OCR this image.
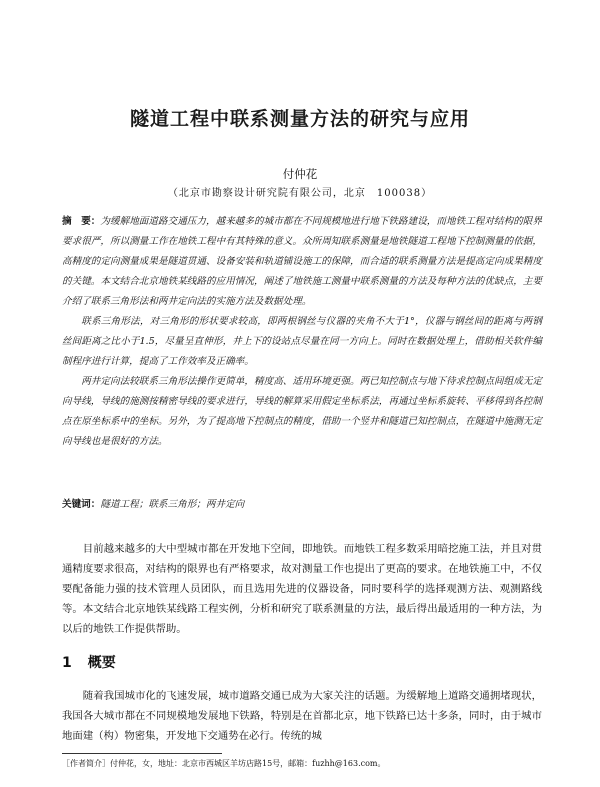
隧道工程中联系测量方法的研究与应用
付仲花
（北京市勘察设计研究院有限公司，北京　100038）

摘　要：为缓解地面道路交通压力，越来越多的城市都在不同规模地进行地下铁路建设，而地铁工程对结构的限界要求很严，所以测量工作在地铁工程中有其特殊的意义。众所周知联系测量是地铁隧道工程地下控制测量的依据，高精度的定向测量成果是隧道贯通、设备安装和轨道铺设施工的保障，而合适的联系测量方法是提高定向成果精度的关键。本文结合北京地铁某线路的应用情况，阐述了地铁施工测量中联系测量的方法及每种方法的优缺点，主要介绍了联系三角形法和两井定向法的实施方法及数据处理。

联系三角形法，对三角形的形状要求较高，即两根钢丝与仪器的夹角不大于1°，仪器与钢丝间的距离与两钢丝间距离之比小于1.5，尽量呈直伸形，井上下的设站点尽量在同一方向上。同时在数据处理上，借助相关软件编制程序进行计算，提高了工作效率及正确率。

两井定向法较联系三角形法操作更简单，精度高、适用环境更强。两已知控制点与地下待求控制点间组成无定向导线，导线的施测按精密导线的要求进行，导线的解算采用假定坐标系法，再通过坐标系旋转、平移得到各控制点在原坐标系中的坐标。另外，为了提高地下控制点的精度，借助一个竖井和隧道已知控制点，在隧道中施测无定向导线也是很好的方法。

关键词：隧道工程；联系三角形；两井定向

目前越来越多的大中型城市都在开发地下空间，即地铁。而地铁工程多数采用暗挖施工法，并且对贯通精度要求很高，对结构的限界也有严格要求，故对测量工作也提出了更高的要求。在地铁施工中，不仅要配备能力强的技术管理人员团队，而且选用先进的仪器设备，同时要科学的选择观测方法、观测路线等。本文结合北京地铁某线路工程实例，分析和研究了联系测量的方法，最后得出最适用的一种方法，为以后的地铁工作提供帮助。

1 概要

随着我国城市化的飞速发展，城市道路交通已成为大家关注的话题。为缓解地上道路交通拥堵现状，我国各大城市都在不同规模地发展地下铁路，特别是在首都北京，地下铁路已达十多条，同时，由于城市地面建（构）物密集，开发地下交通势在必行。传统的城

［作者简介］付仲花，女，地址：北京市西城区羊坊店路15号，邮箱：fuzhh@163.com。
